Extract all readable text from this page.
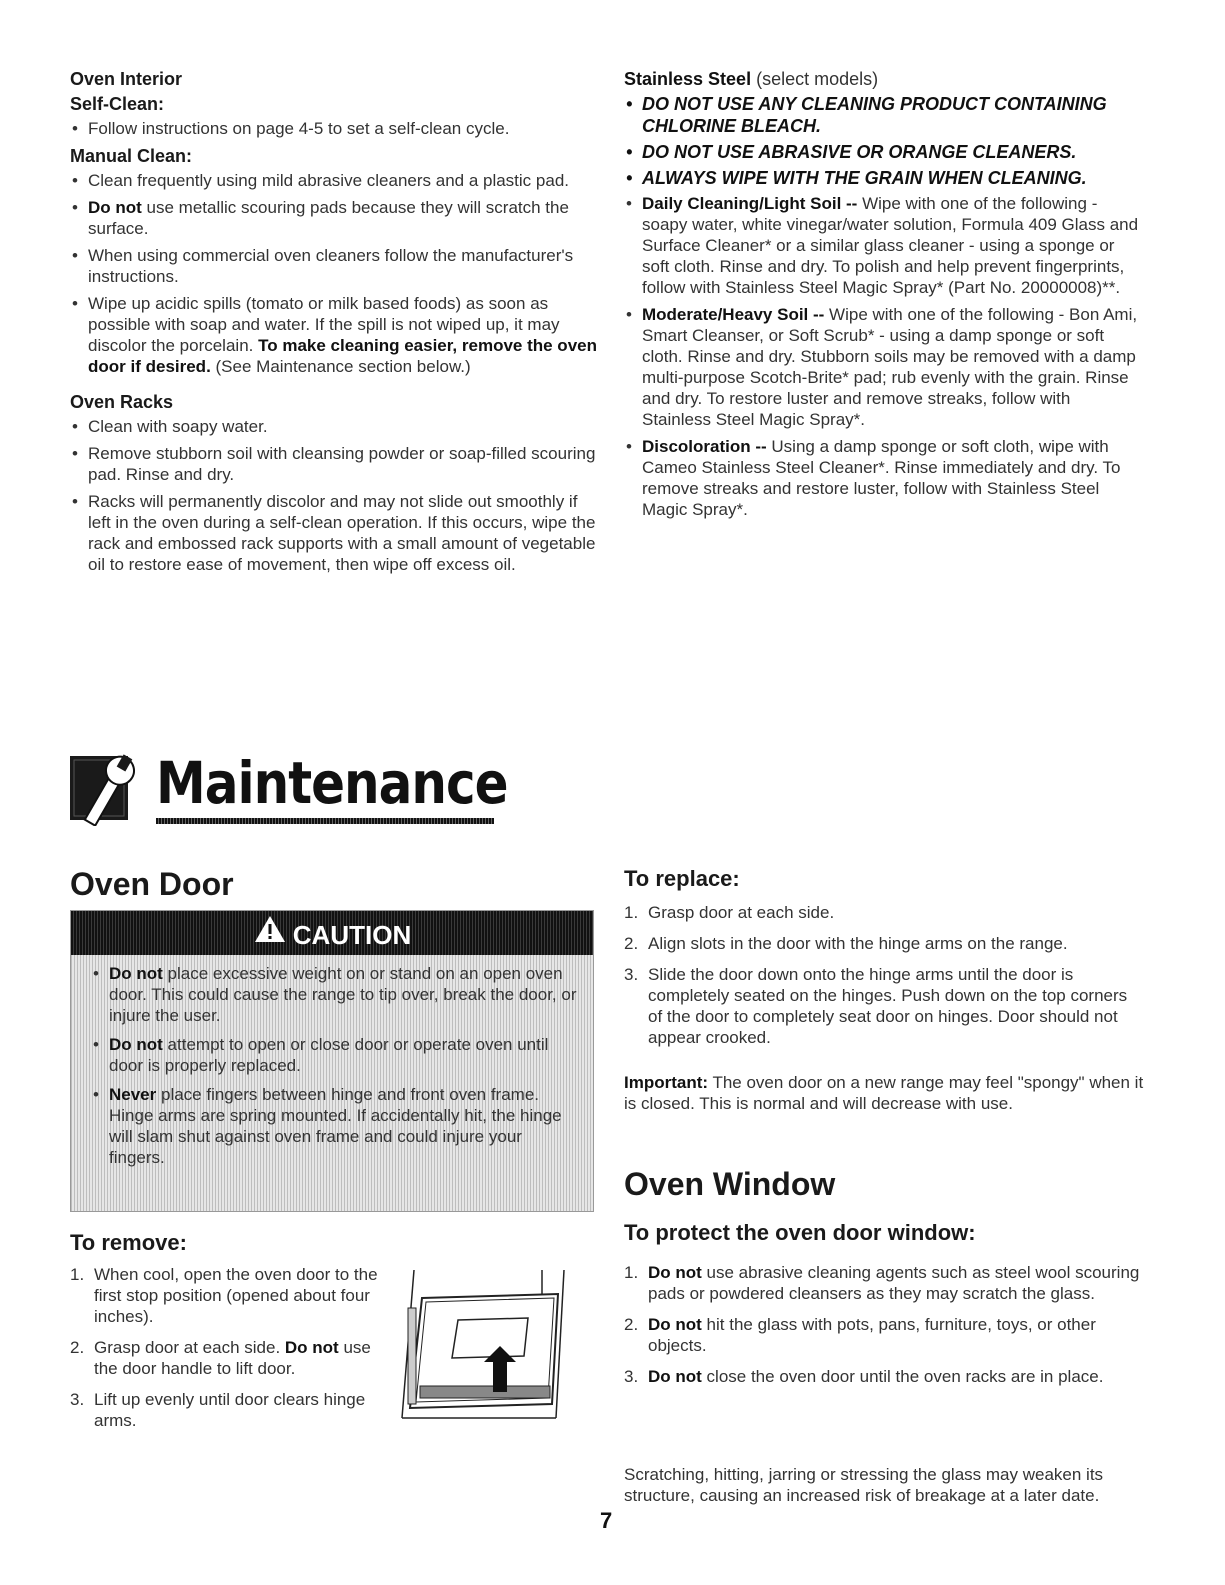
Oven Interior
Self-Clean:
• Follow instructions on page 4-5 to set a self-clean cycle.
Manual Clean:
• Clean frequently using mild abrasive cleaners and a plastic pad.
• Do not use metallic scouring pads because they will scratch the surface.
• When using commercial oven cleaners follow the manufacturer's instructions.
• Wipe up acidic spills (tomato or milk based foods) as soon as possible with soap and water. If the spill is not wiped up, it may discolor the porcelain. To make cleaning easier, remove the oven door if desired. (See Maintenance section below.)
Oven Racks
• Clean with soapy water.
• Remove stubborn soil with cleansing powder or soap-filled scouring pad. Rinse and dry.
• Racks will permanently discolor and may not slide out smoothly if left in the oven during a self-clean operation. If this occurs, wipe the rack and embossed rack supports with a small amount of vegetable oil to restore ease of movement, then wipe off excess oil.
Stainless Steel (select models)
• DO NOT USE ANY CLEANING PRODUCT CONTAINING CHLORINE BLEACH.
• DO NOT USE ABRASIVE OR ORANGE CLEANERS.
• ALWAYS WIPE WITH THE GRAIN WHEN CLEANING.
• Daily Cleaning/Light Soil -- Wipe with one of the following - soapy water, white vinegar/water solution, Formula 409 Glass and Surface Cleaner* or a similar glass cleaner - using a sponge or soft cloth. Rinse and dry. To polish and help prevent fingerprints, follow with Stainless Steel Magic Spray* (Part No. 20000008)**.
• Moderate/Heavy Soil -- Wipe with one of the following - Bon Ami, Smart Cleanser, or Soft Scrub* - using a damp sponge or soft cloth. Rinse and dry. Stubborn soils may be removed with a damp multi-purpose Scotch-Brite* pad; rub evenly with the grain. Rinse and dry. To restore luster and remove streaks, follow with Stainless Steel Magic Spray*.
• Discoloration -- Using a damp sponge or soft cloth, wipe with Cameo Stainless Steel Cleaner*. Rinse immediately and dry. To remove streaks and restore luster, follow with Stainless Steel Magic Spray*.
Maintenance
Oven Door
CAUTION
• Do not place excessive weight on or stand on an open oven door. This could cause the range to tip over, break the door, or injure the user.
• Do not attempt to open or close door or operate oven until door is properly replaced.
• Never place fingers between hinge and front oven frame. Hinge arms are spring mounted. If accidentally hit, the hinge will slam shut against oven frame and could injure your fingers.
To remove:
1. When cool, open the oven door to the first stop position (opened about four inches).
2. Grasp door at each side. Do not use the door handle to lift door.
3. Lift up evenly until door clears hinge arms.
To replace:
1. Grasp door at each side.
2. Align slots in the door with the hinge arms on the range.
3. Slide the door down onto the hinge arms until the door is completely seated on the hinges. Push down on the top corners of the door to completely seat door on hinges. Door should not appear crooked.
Important: The oven door on a new range may feel "spongy" when it is closed. This is normal and will decrease with use.
Oven Window
To protect the oven door window:
1. Do not use abrasive cleaning agents such as steel wool scouring pads or powdered cleansers as they may scratch the glass.
2. Do not hit the glass with pots, pans, furniture, toys, or other objects.
3. Do not close the oven door until the oven racks are in place.
Scratching, hitting, jarring or stressing the glass may weaken its structure, causing an increased risk of breakage at a later date.
7
